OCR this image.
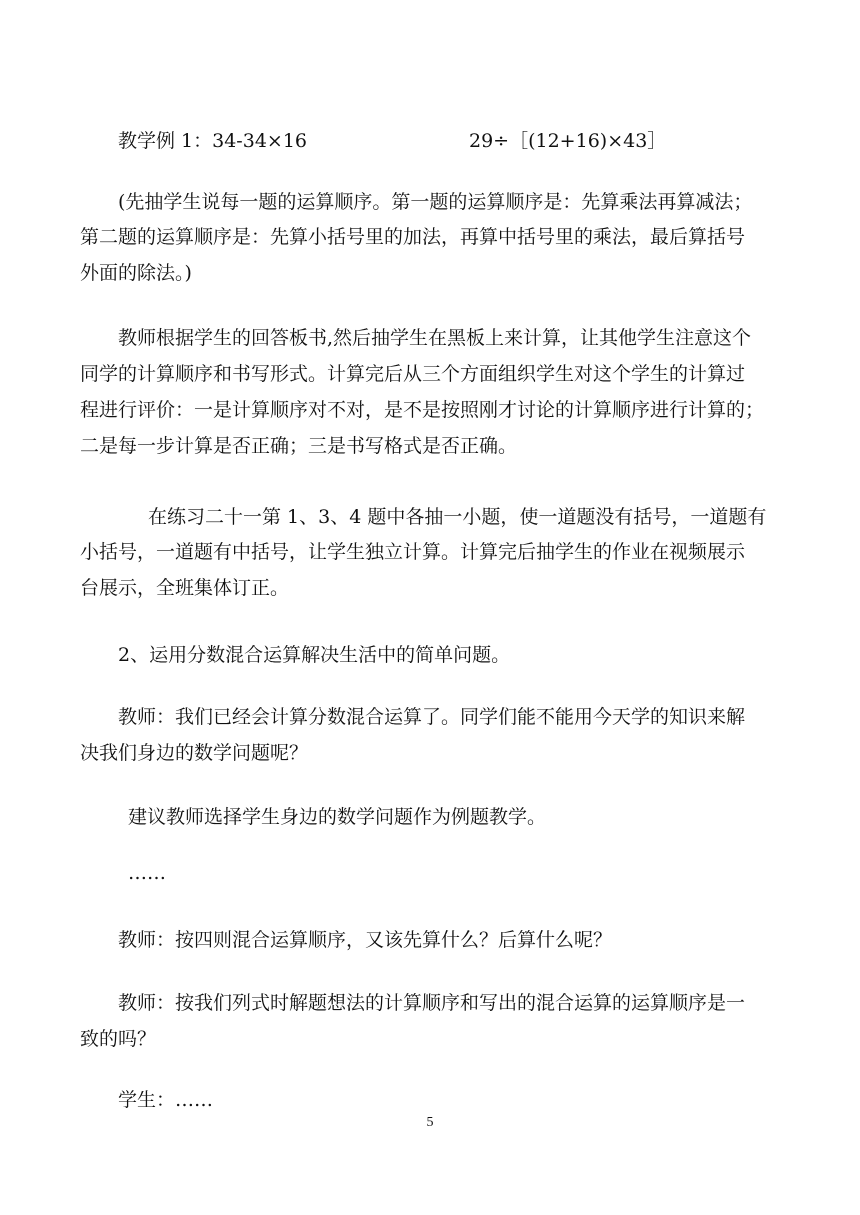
教学例 1：34-34×16	29÷［(12+16)×43］
(先抽学生说每一题的运算顺序。第一题的运算顺序是：先算乘法再算减法；
第二题的运算顺序是：先算小括号里的加法，再算中括号里的乘法，最后算括号
外面的除法。)
教师根据学生的回答板书,然后抽学生在黑板上来计算，让其他学生注意这个
同学的计算顺序和书写形式。计算完后从三个方面组织学生对这个学生的计算过
程进行评价：一是计算顺序对不对，是不是按照刚才讨论的计算顺序进行计算的；
二是每一步计算是否正确；三是书写格式是否正确。
在练习二十一第 1、3、4 题中各抽一小题，使一道题没有括号，一道题有
小括号，一道题有中括号，让学生独立计算。计算完后抽学生的作业在视频展示
台展示，全班集体订正。
2、运用分数混合运算解决生活中的简单问题。
教师：我们已经会计算分数混合运算了。同学们能不能用今天学的知识来解
决我们身边的数学问题呢？
建议教师选择学生身边的数学问题作为例题教学。
……
教师：按四则混合运算顺序，又该先算什么？后算什么呢？
教师：按我们列式时解题想法的计算顺序和写出的混合运算的运算顺序是一
致的吗？
学生：……
5
